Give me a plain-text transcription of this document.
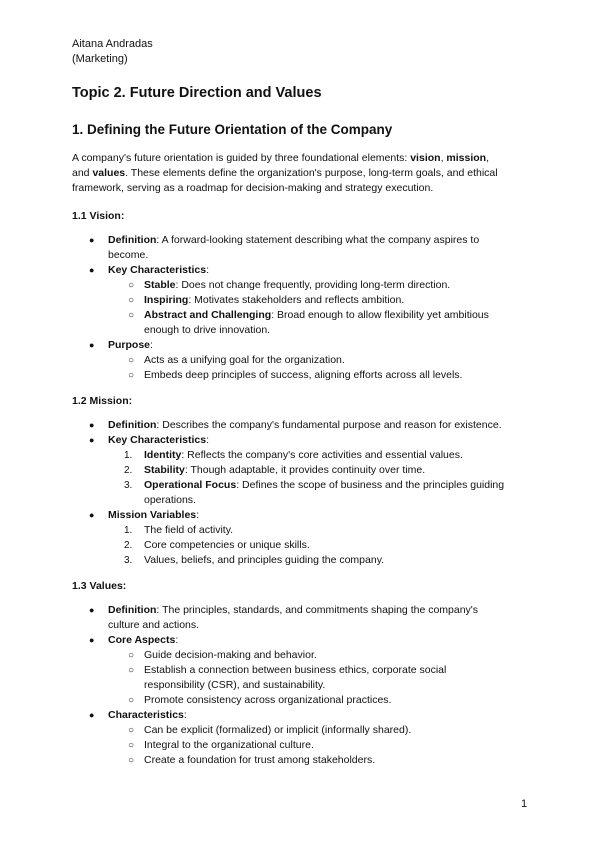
Aitana Andradas
(Marketing)
Topic 2. Future Direction and Values
1. Defining the Future Orientation of the Company
A company's future orientation is guided by three foundational elements: vision, mission,
and values. These elements define the organization's purpose, long-term goals, and ethical
framework, serving as a roadmap for decision-making and strategy execution.
1.1 Vision:
● Definition: A forward-looking statement describing what the company aspires to
become.
● Key Characteristics:
○ Stable: Does not change frequently, providing long-term direction.
○ Inspiring: Motivates stakeholders and reflects ambition.
○ Abstract and Challenging: Broad enough to allow flexibility yet ambitious
enough to drive innovation.
● Purpose:
○ Acts as a unifying goal for the organization.
○ Embeds deep principles of success, aligning efforts across all levels.
1.2 Mission:
● Definition: Describes the company's fundamental purpose and reason for existence.
● Key Characteristics:
1. Identity: Reflects the company's core activities and essential values.
2. Stability: Though adaptable, it provides continuity over time.
3. Operational Focus: Defines the scope of business and the principles guiding
operations.
● Mission Variables:
1. The field of activity.
2. Core competencies or unique skills.
3. Values, beliefs, and principles guiding the company.
1.3 Values:
● Definition: The principles, standards, and commitments shaping the company's
culture and actions.
● Core Aspects:
○ Guide decision-making and behavior.
○ Establish a connection between business ethics, corporate social
responsibility (CSR), and sustainability.
○ Promote consistency across organizational practices.
● Characteristics:
○ Can be explicit (formalized) or implicit (informally shared).
○ Integral to the organizational culture.
○ Create a foundation for trust among stakeholders.
1
